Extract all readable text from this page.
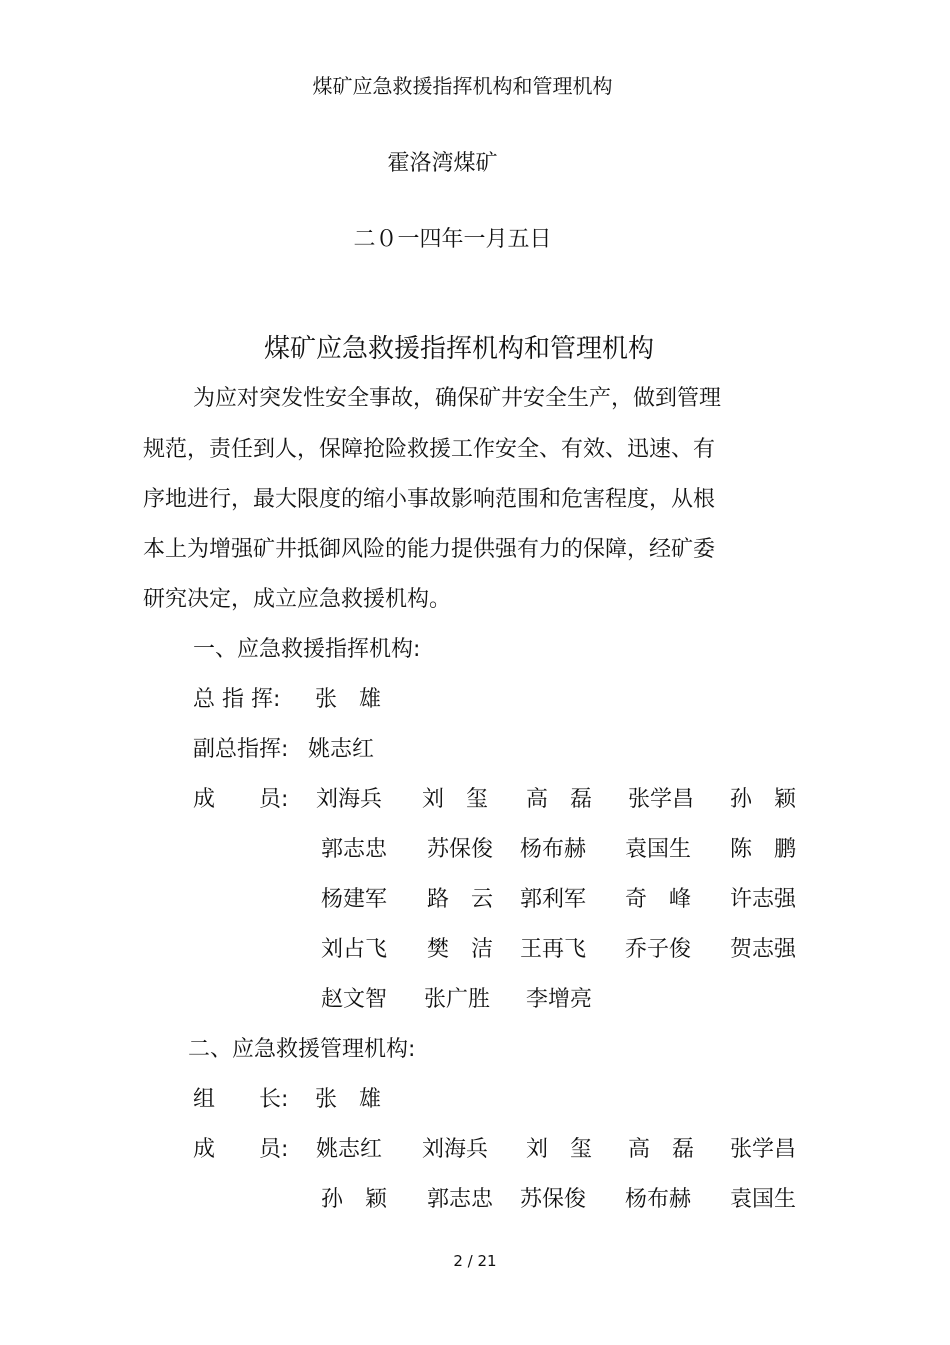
煤矿应急救援指挥机构和管理机构
霍洛湾煤矿
二０一四年一月五日
煤矿应急救援指挥机构和管理机构
为应对突发性安全事故，确保矿井安全生产，做到管理
规范，责任到人，保障抢险救援工作安全、有效、迅速、有
序地进行，最大限度的缩小事故影响范围和危害程度，从根
本上为增强矿井抵御风险的能力提供强有力的保障，经矿委
研究决定，成立应急救援机构。
一、应急救援指挥机构:
总 指 挥: 张　雄
副总指挥: 姚志红
成　　员: 刘海兵 刘　玺 高　磊 张学昌 孙　颖
郭志忠 苏保俊 杨布赫 袁国生 陈　鹏
杨建军 路　云 郭利军 奇　峰 许志强
刘占飞 樊　洁 王再飞 乔子俊 贺志强
赵文智 张广胜 李增亮
二、应急救援管理机构:
组　　长: 张　雄
成　　员: 姚志红 刘海兵 刘　玺 高　磊 张学昌
孙　颖 郭志忠 苏保俊 杨布赫 袁国生
2 / 21
